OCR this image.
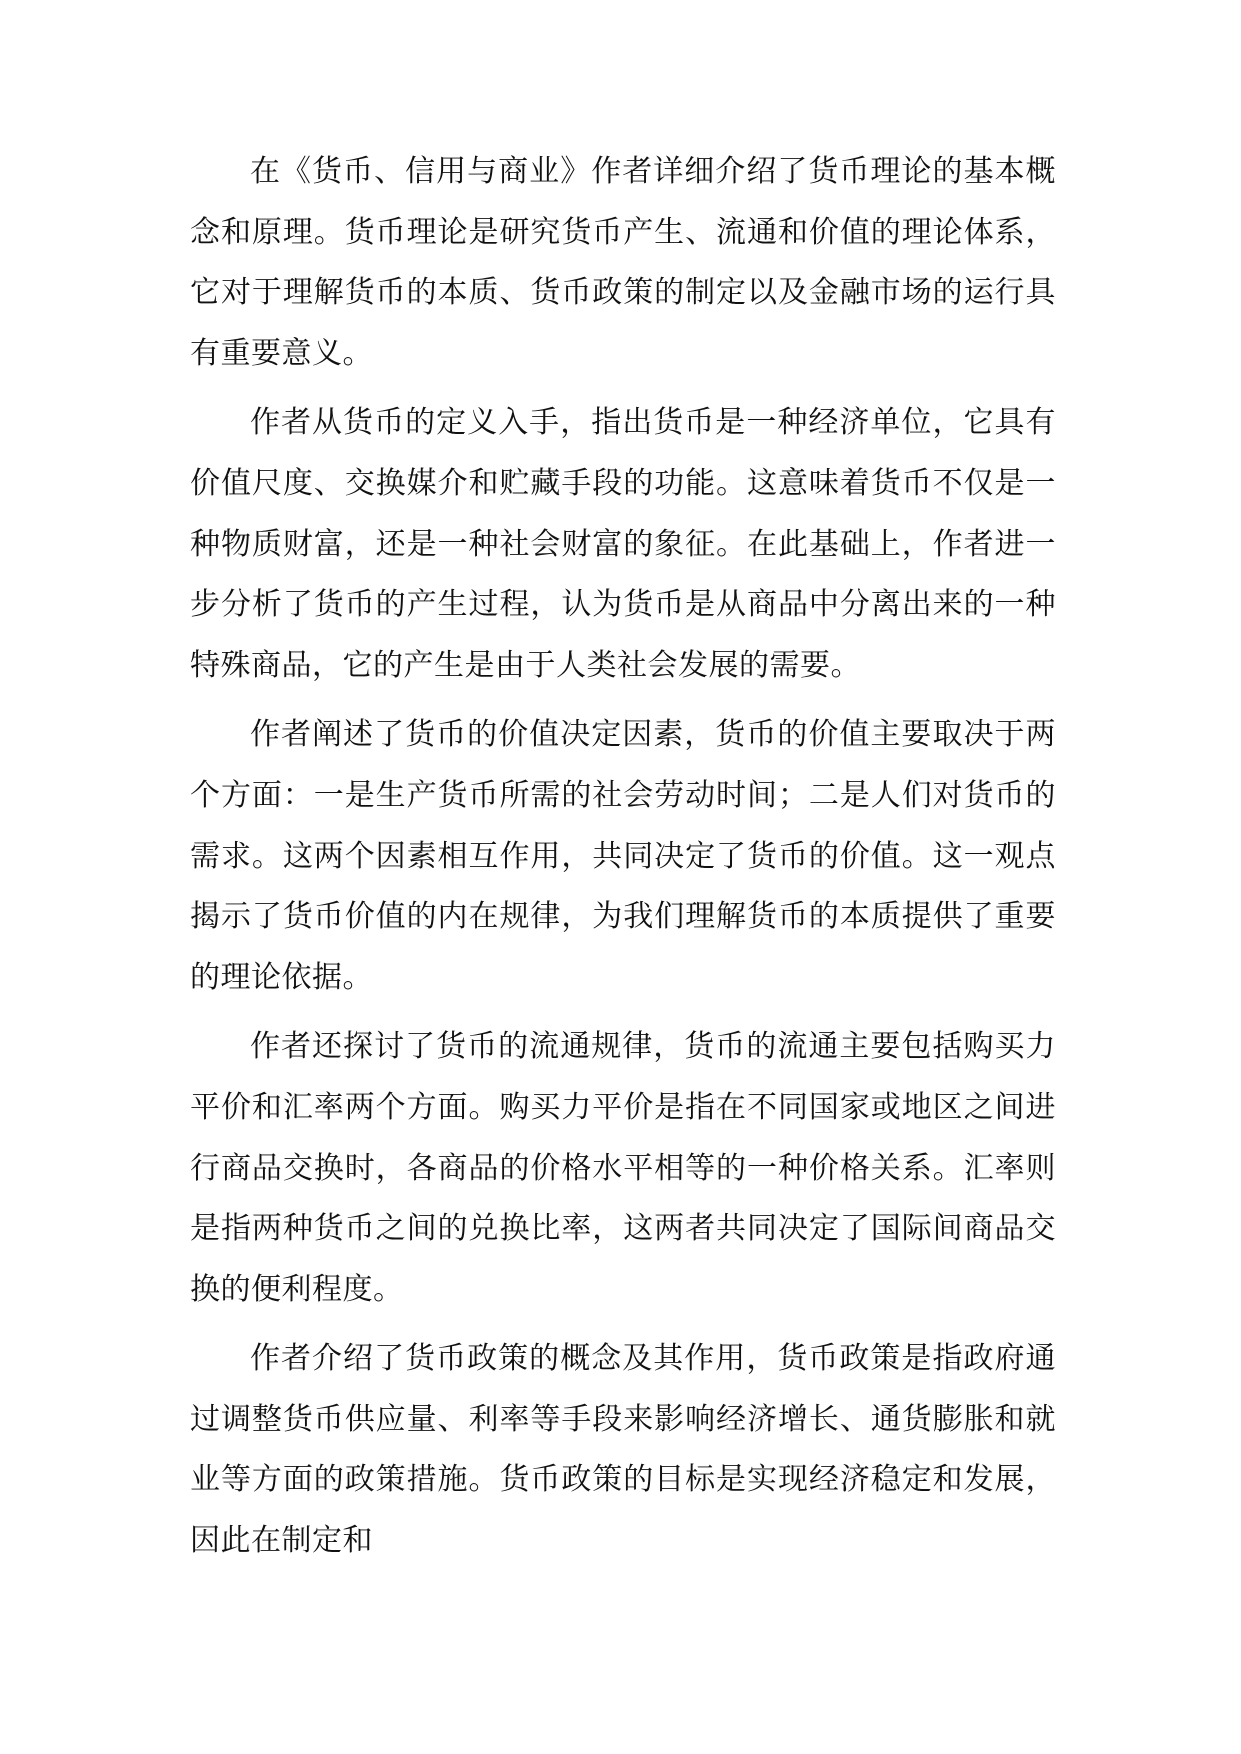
在《货币、信用与商业》作者详细介绍了货币理论的基本概念和原理。货币理论是研究货币产生、流通和价值的理论体系，它对于理解货币的本质、货币政策的制定以及金融市场的运行具有重要意义。

作者从货币的定义入手，指出货币是一种经济单位，它具有价值尺度、交换媒介和贮藏手段的功能。这意味着货币不仅是一种物质财富，还是一种社会财富的象征。在此基础上，作者进一步分析了货币的产生过程，认为货币是从商品中分离出来的一种特殊商品，它的产生是由于人类社会发展的需要。

作者阐述了货币的价值决定因素，货币的价值主要取决于两个方面：一是生产货币所需的社会劳动时间；二是人们对货币的需求。这两个因素相互作用，共同决定了货币的价值。这一观点揭示了货币价值的内在规律，为我们理解货币的本质提供了重要的理论依据。

作者还探讨了货币的流通规律，货币的流通主要包括购买力平价和汇率两个方面。购买力平价是指在不同国家或地区之间进行商品交换时，各商品的价格水平相等的一种价格关系。汇率则是指两种货币之间的兑换比率，这两者共同决定了国际间商品交换的便利程度。

作者介绍了货币政策的概念及其作用，货币政策是指政府通过调整货币供应量、利率等手段来影响经济增长、通货膨胀和就业等方面的政策措施。货币政策的目标是实现经济稳定和发展，因此在制定和
